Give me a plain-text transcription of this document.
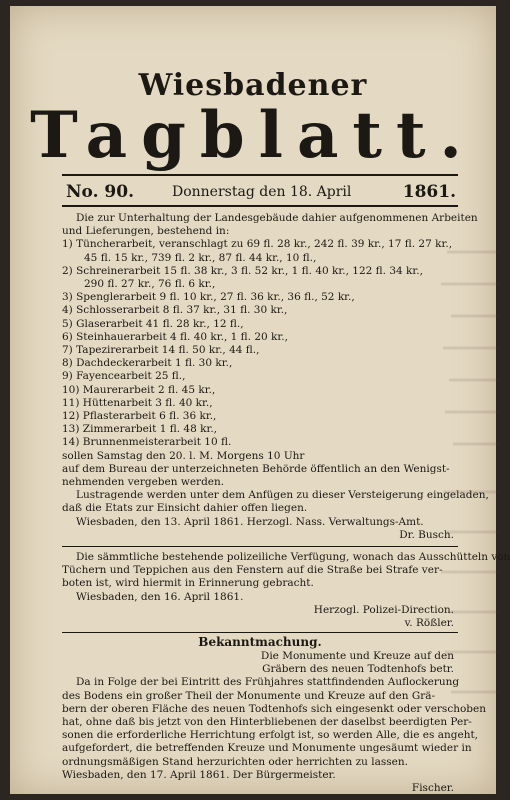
Wiesbadener
Tagblatt.
No. 90.	Donnerstag den 18. April	1861.
Die zur Unterhaltung der Landesgebäude dahier aufgenommenen Arbeiten
und Lieferungen, bestehend in:
1) Tüncherarbeit, veranschlagt zu 69 fl. 28 kr., 242 fl. 39 kr., 17 fl. 27 kr.,
45 fl. 15 kr., 739 fl. 2 kr., 87 fl. 44 kr., 10 fl.,
2) Schreinerarbeit 15 fl. 38 kr., 3 fl. 52 kr., 1 fl. 40 kr., 122 fl. 34 kr.,
290 fl. 27 kr., 76 fl. 6 kr.,
3) Spenglerarbeit 9 fl. 10 kr., 27 fl. 36 kr., 36 fl., 52 kr.,
4) Schlosserarbeit 8 fl. 37 kr., 31 fl. 30 kr.,
5) Glaserarbeit 41 fl. 28 kr., 12 fl.,
6) Steinhauerarbeit 4 fl. 40 kr., 1 fl. 20 kr.,
7) Tapezirerarbeit 14 fl. 50 kr., 44 fl.,
8) Dachdeckerarbeit 1 fl. 30 kr.,
9) Fayencearbeit 25 fl.,
10) Maurerarbeit 2 fl. 45 kr.,
11) Hüttenarbeit 3 fl. 40 kr.,
12) Pflasterarbeit 6 fl. 36 kr.,
13) Zimmerarbeit 1 fl. 48 kr.,
14) Brunnenmeisterarbeit 10 fl.
sollen Samstag den 20. l. M. Morgens 10 Uhr
auf dem Bureau der unterzeichneten Behörde öffentlich an den Wenigst-
nehmenden vergeben werden.
Lustragende werden unter dem Anfügen zu dieser Versteigerung eingeladen,
daß die Etats zur Einsicht dahier offen liegen.
Wiesbaden, den 13. April 1861. Herzogl. Nass. Verwaltungs-Amt.
Dr. Busch.
Die sämmtliche bestehende polizeiliche Verfügung, wonach das Ausschütteln von
Tüchern und Teppichen aus den Fenstern auf die Straße bei Strafe ver-
boten ist, wird hiermit in Erinnerung gebracht.
Wiesbaden, den 16. April 1861.
Herzogl. Polizei-Direction.
v. Rößler.
Bekanntmachung.
Die Monumente und Kreuze auf den
Gräbern des neuen Todtenhofs betr.
Da in Folge der bei Eintritt des Frühjahres stattfindenden Auflockerung
des Bodens ein großer Theil der Monumente und Kreuze auf den Grä-
bern der oberen Fläche des neuen Todtenhofs sich eingesenkt oder verschoben
hat, ohne daß bis jetzt von den Hinterbliebenen der daselbst beerdigten Per-
sonen die erforderliche Herrichtung erfolgt ist, so werden Alle, die es angeht,
aufgefordert, die betreffenden Kreuze und Monumente ungesäumt wieder in
ordnungsmäßigen Stand herzurichten oder herrichten zu lassen.
Wiesbaden, den 17. April 1861. Der Bürgermeister.
Fischer.
